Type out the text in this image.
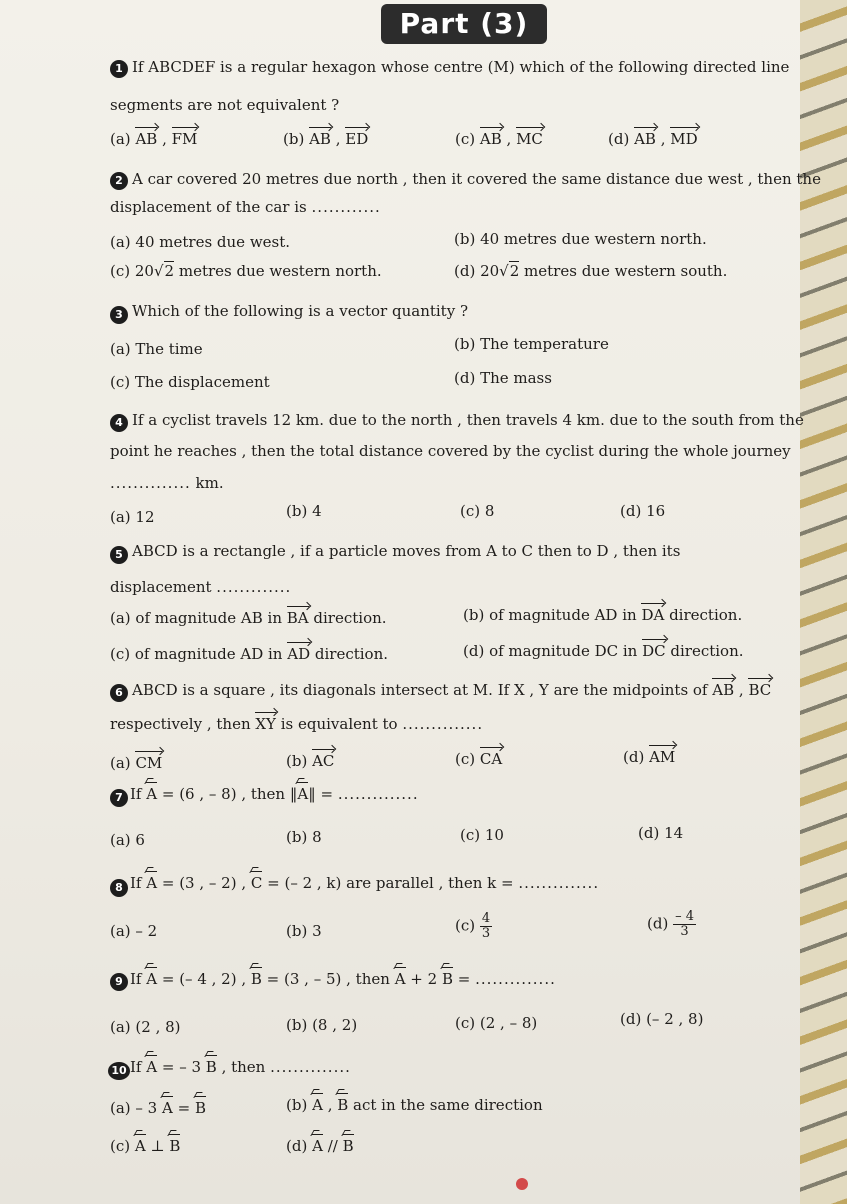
Part (3)
1 If ABCDEF is a regular hexagon whose centre (M) which of the following directed line
segments are not equivalent ?
(a) AB , FM	(b) AB , ED	(c) AB , MC	(d) AB , MD
2 A car covered 20 metres due north , then it covered the same distance due west , then the
displacement of the car is ............
(a) 40 metres due west.	(b) 40 metres due western north.
(c) 20√2 metres due western north.	(d) 20√2 metres due western south.
3 Which of the following is a vector quantity ?
(a) The time	(b) The temperature
(c) The displacement	(d) The mass
4 If a cyclist travels 12 km. due to the north , then travels 4 km. due to the south from the
point he reaches , then the total distance covered by the cyclist during the whole journey
.............. km.
(a) 12	(b) 4	(c) 8	(d) 16
5 ABCD is a rectangle , if a particle moves from A to C then to D , then its
displacement .............
(a) of magnitude AB in BA direction.	(b) of magnitude AD in DA direction.
(c) of magnitude AD in AD direction.	(d) of magnitude DC in DC direction.
6 ABCD is a square , its diagonals intersect at M. If X , Y are the midpoints of AB , BC
respectively , then XY is equivalent to ..............
(a) CM	(b) AC	(c) CA	(d) AM
7 If A = (6 , – 8) , then ‖A‖ = ..............
(a) 6	(b) 8	(c) 10	(d) 14
8 If A = (3 , – 2) , C = (– 2 , k) are parallel , then k = ..............
(a) – 2	(b) 3	$(c) \frac{4}{3}$	$(d) \frac{- 4}{3}$
9 If A = (– 4 , 2) , B = (3 , – 5) , then A + 2 B = ..............
(a) (2 , 8)	(b) (8 , 2)	(c) (2 , – 8)	(d) (– 2 , 8)
10 If A = – 3 B , then ..............
(a) – 3 A = B	(b) A , B act in the same direction
(c) A ⊥ B	(d) A // B
